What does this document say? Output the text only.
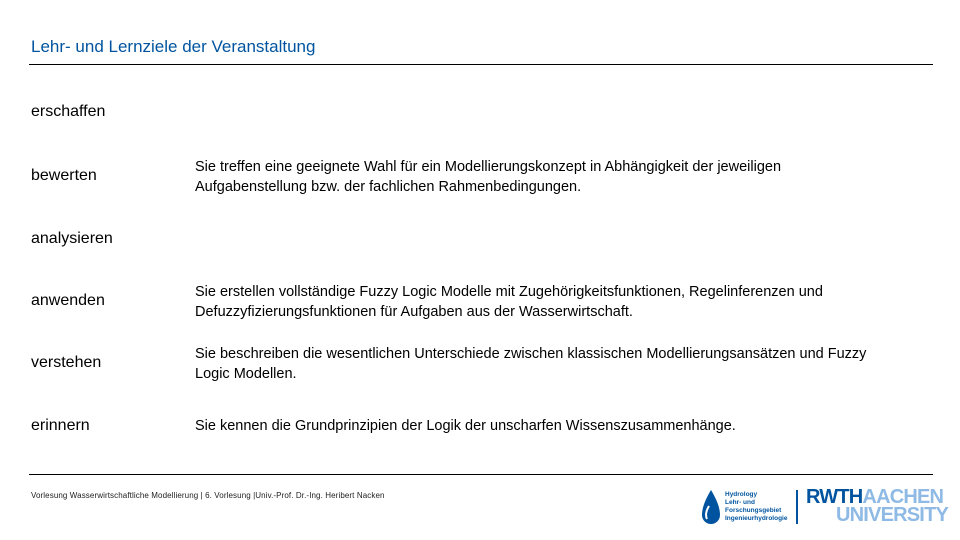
Lehr- und Lernziele der Veranstaltung
erschaffen
bewerten	Sie treffen eine geeignete Wahl für ein Modellierungskonzept in Abhängigkeit der jeweiligen Aufgabenstellung bzw. der fachlichen Rahmenbedingungen.
analysieren
anwenden	Sie erstellen vollständige Fuzzy Logic Modelle mit Zugehörigkeitsfunktionen, Regelinferenzen und Defuzzyfizierungsfunktionen für Aufgaben aus der Wasserwirtschaft.
verstehen	Sie beschreiben die wesentlichen Unterschiede zwischen klassischen Modellierungsansätzen und Fuzzy Logic Modellen.
erinnern	Sie kennen die Grundprinzipien der Logik der unscharfen Wissenszusammenhänge.
Vorlesung Wasserwirtschaftliche Modellierung | 6. Vorlesung |Univ.-Prof. Dr.-Ing. Heribert Nacken	Hydrology
Lehr- und
Forschungsgebiet
Ingenieurhydrologie
RWTHAACHEN
UNIVERSITY
